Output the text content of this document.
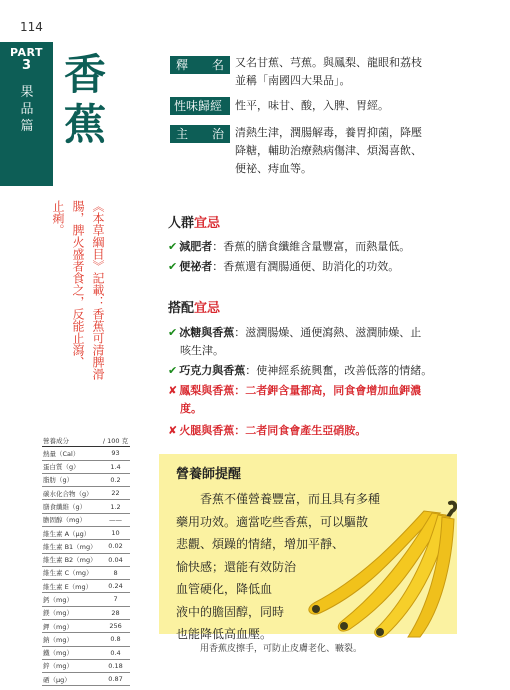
114
PART
3
果品篇
香蕉
釋 名 又名甘蕉、芎蕉。與鳳梨、龍眼和荔枝
並稱「南國四大果品」。
性味歸經	性平，味甘、酸，入脾、胃經。
主 治 清熱生津，潤腸解毒，養胃抑菌，降壓
降糖，輔助治療熱病傷津、煩渴喜飲、
便祕、痔血等。
《本草綱目》記載：香蕉可清脾滑
腸，脾火盛者食之，反能止瀉、
止痢。	人群宜忌
✔ 減肥者：香蕉的膳食纖維含量豐富，而熱量低。
✔ 便祕者：香蕉還有潤腸通便、助消化的功效。
搭配宜忌
✔ 冰糖與香蕉：滋潤腸燥、通便瀉熱、滋潤肺燥、止
咳生津。
✔ 巧克力與香蕉：使神經系統興奮，改善低落的情緒。
✘ 鳳梨與香蕉：二者鉀含量都高，同食會增加血鉀濃
度。
✘ 火腿與香蕉：二者同食會產生亞硝胺。
營養成分	/ 100 克
熱量（Cal）	93
蛋白質（g）	1.4
脂肪（g）	0.2
碳水化合物（g）	22
膳食纖維（g）	1.2
膽固醇（mg）	——
維生素 A（μg）	10
維生素 B1（mg）	0.02
維生素 B2（mg）	0.04
維生素 C（mg）	8
維生素 E（mg）	0.24
鈣（mg）	7
鎂（mg）	28
鉀（mg）	256
鈉（mg）	0.8
鐵（mg）	0.4
鋅（mg）	0.18
硒（μg）	0.87
營養師提醒
香蕉不僅營養豐富，而且具有多種
藥用功效。適當吃些香蕉，可以驅散
悲觀、煩躁的情緒，增加平靜、
愉快感；還能有效防治
血管硬化，降低血
液中的膽固醇，同時
也能降低高血壓。
用香蕉皮擦手，可防止皮膚老化、皸裂。
